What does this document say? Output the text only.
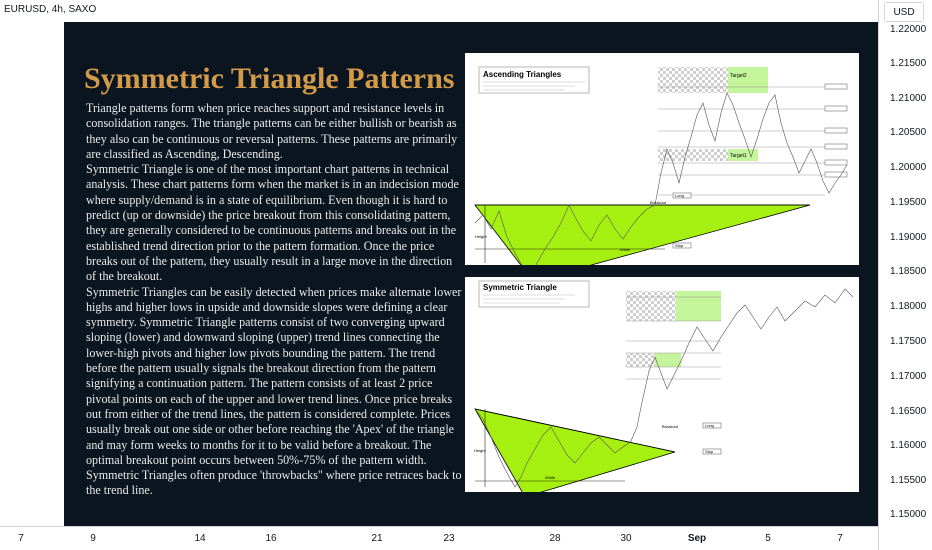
EURUSD, 4h, SAXO
Symmetric Triangle Patterns

Triangle patterns form when price reaches support and resistance levels in consolidation ranges. The triangle patterns can be either bullish or bearish as they also can be continuous or reversal patterns. These patterns are primarily are classified as Ascending, Descending.

Symmetric Triangle is one of the most important chart patterns in technical analysis. These chart patterns form when the market is in an indecision mode where supply/demand is in a state of equilibrium. Even though it is hard to predict (up or downside) the price breakout from this consolidating pattern, they are generally considered to be continuous patterns and breaks out in the established trend direction prior to the pattern formation. Once the price breaks out of the pattern, they usually result in a large move in the direction of the breakout.

Symmetric Triangles can be easily detected when prices make alternate lower highs and higher lows in upside and downside slopes were defining a clear symmetry. Symmetric Triangle patterns consist of two converging upward sloping (lower) and downward sloping (upper) trend lines connecting the lower-high pivots and higher low pivots bounding the pattern. The trend before the pattern usually signals the breakout direction from the pattern signifying a continuation pattern. The pattern consists of at least 2 price pivotal points on each of the upper and lower trend lines. Once price breaks out from either of the trend lines, the pattern is considered complete. Prices usually break out one side or other before reaching the 'Apex' of the triangle and may form weeks to months for it to be valid before a breakout. The optimal breakout point occurs between 50%-75% of the pattern width. Symmetric Triangles often produce 'throwbacks" where price retraces back to the trend line.

Ascending Triangles	Target2
Target1
Height
Width
Long
Stop
Breakout
Symmetric Triangle
Height
Width
Long
Stop
Breakout
USD
1.22000
1.21500
1.21000
1.20500
1.20000
1.19500
1.19000
1.18500
1.18000
1.17500
1.17000
1.16500
1.16000
1.15500
1.15000
7	9	14	16	21	23	28	30	Sep	5	7
